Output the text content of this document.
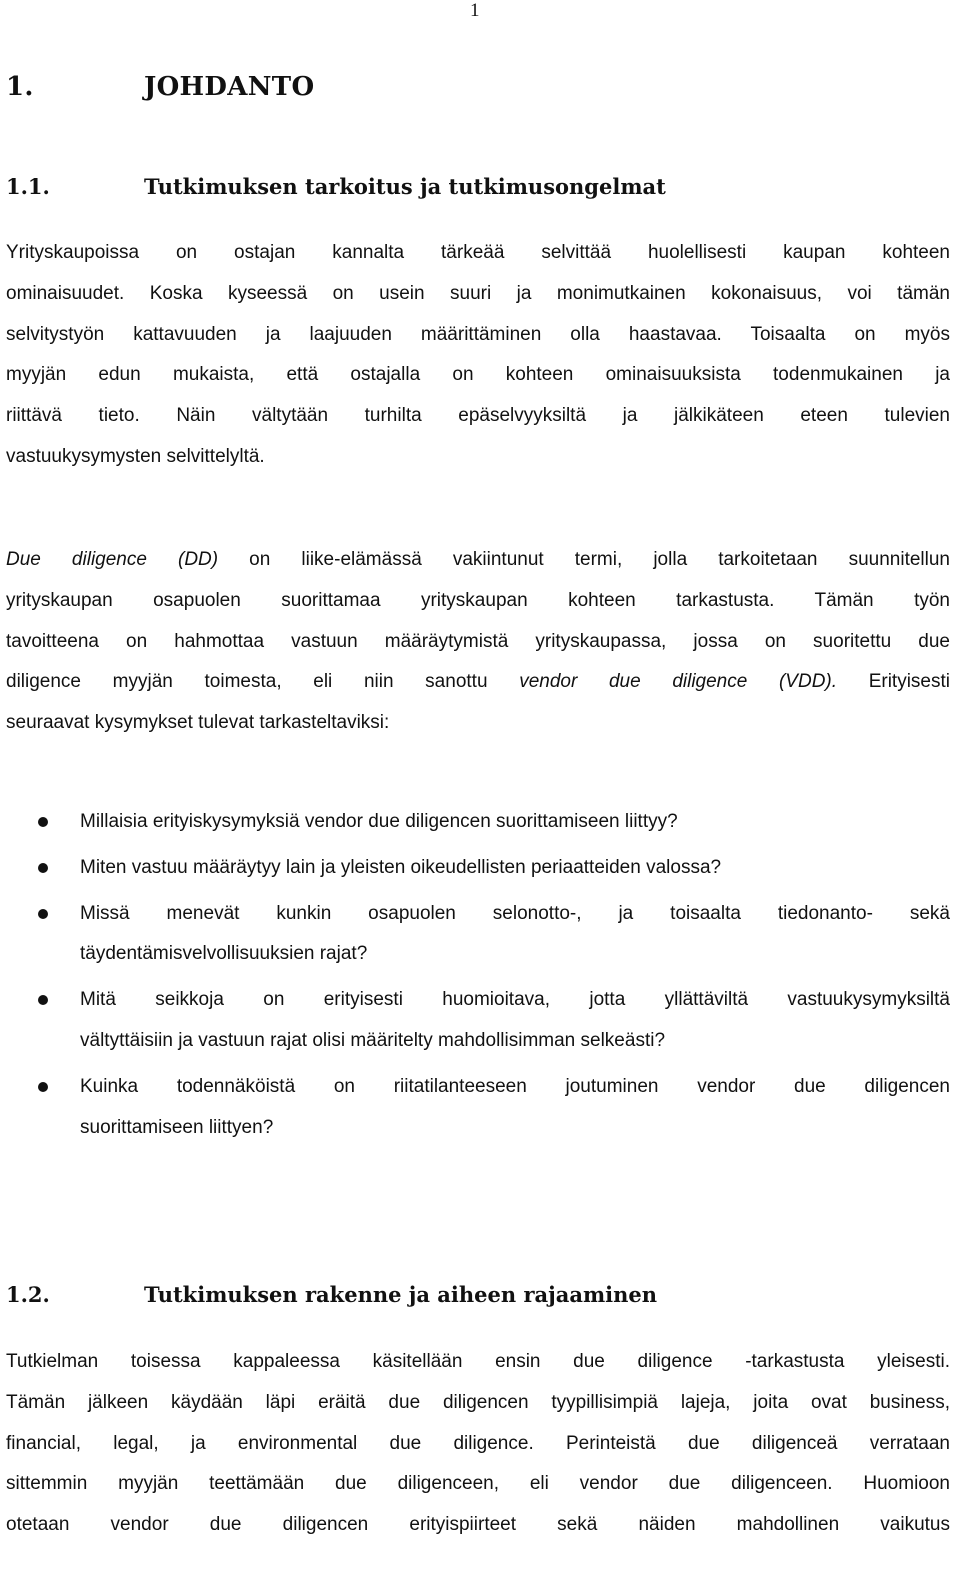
1
1.	JOHDANTO
1.1.	Tutkimuksen tarkoitus ja tutkimusongelmat
Yrityskaupoissa on ostajan kannalta tärkeää selvittää huolellisesti kaupan kohteen
ominaisuudet. Koska kyseessä on usein suuri ja monimutkainen kokonaisuus, voi tämän
selvitystyön kattavuuden ja laajuuden määrittäminen olla haastavaa. Toisaalta on myös
myyjän edun mukaista, että ostajalla on kohteen ominaisuuksista todenmukainen ja
riittävä tieto. Näin vältytään turhilta epäselvyyksiltä ja jälkikäteen eteen tulevien
vastuukysymysten selvittelyltä.
Due diligence (DD) on liike-elämässä vakiintunut termi, jolla tarkoitetaan suunnitellun
yrityskaupan osapuolen suorittamaa yrityskaupan kohteen tarkastusta. Tämän työn
tavoitteena on hahmottaa vastuun määräytymistä yrityskaupassa, jossa on suoritettu due
diligence myyjän toimesta, eli niin sanottu vendor due diligence (VDD). Erityisesti
seuraavat kysymykset tulevat tarkasteltaviksi:
Millaisia erityiskysymyksiä vendor due diligencen suorittamiseen liittyy?
Miten vastuu määräytyy lain ja yleisten oikeudellisten periaatteiden valossa?
Missä menevät kunkin osapuolen selonotto-, ja toisaalta tiedonanto- sekä
täydentämisvelvollisuuksien rajat?
Mitä seikkoja on erityisesti huomioitava, jotta yllättäviltä vastuukysymyksiltä
vältyttäisiin ja vastuun rajat olisi määritelty mahdollisimman selkeästi?
Kuinka todennäköistä on riitatilanteeseen joutuminen vendor due diligencen
suorittamiseen liittyen?
1.2.	Tutkimuksen rakenne ja aiheen rajaaminen
Tutkielman toisessa kappaleessa käsitellään ensin due diligence -tarkastusta yleisesti.
Tämän jälkeen käydään läpi eräitä due diligencen tyypillisimpiä lajeja, joita ovat business,
financial, legal, ja environmental due diligence. Perinteistä due diligenceä verrataan
sittemmin myyjän teettämään due diligenceen, eli vendor due diligenceen. Huomioon
otetaan vendor due diligencen erityispiirteet sekä näiden mahdollinen vaikutus
